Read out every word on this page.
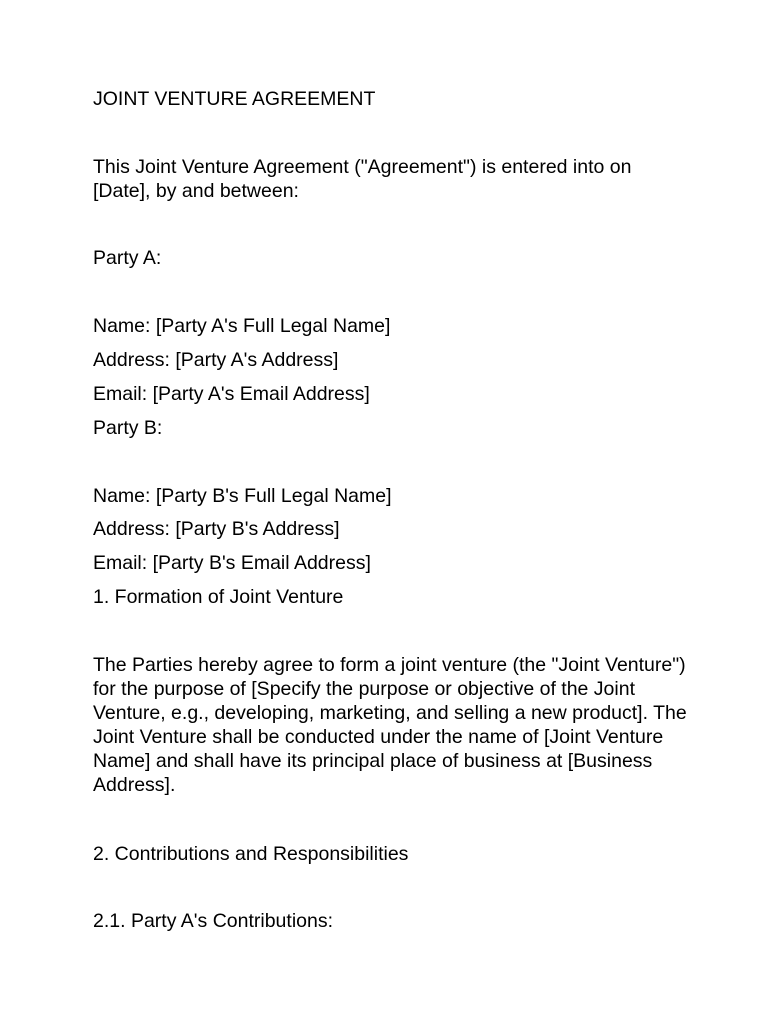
JOINT VENTURE AGREEMENT

This Joint Venture Agreement ("Agreement") is entered into on [Date], by and between:

Party A:

Name: [Party A's Full Legal Name]

Address: [Party A's Address]

Email: [Party A's Email Address]

Party B:

Name: [Party B's Full Legal Name]

Address: [Party B's Address]

Email: [Party B's Email Address]

1. Formation of Joint Venture

The Parties hereby agree to form a joint venture (the "Joint Venture") for the purpose of [Specify the purpose or objective of the Joint Venture, e.g., developing, marketing, and selling a new product]. The Joint Venture shall be conducted under the name of [Joint Venture Name] and shall have its principal place of business at [Business Address].

2. Contributions and Responsibilities

2.1. Party A's Contributions:
